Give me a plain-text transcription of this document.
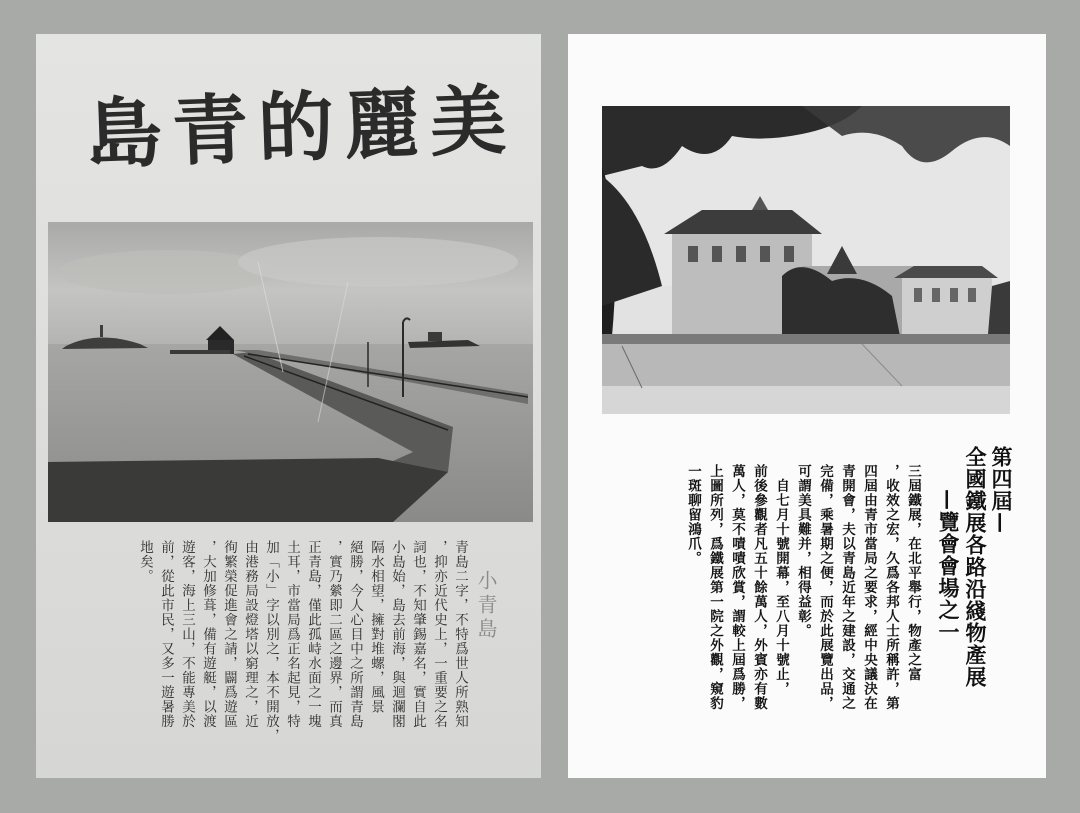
島 青 的 麗 美
小青島
青島二字，不特爲世人所熟知
，抑亦近代史上，一重要之名
詞也，不知肇錫嘉名，實自此
小島始，島去前海，與迴瀾閣
隔水相望，擁對堆螺，風景
絕勝，今人心目中之所謂青島
，實乃縈即二區之邊界，而真
正青島，僅此孤峙水面之一塊
土耳，市當局爲正名起見，特
加「小」字以別之，本不開放，
由港務局設燈塔以窮理之，近
徇繁榮促進會之請，闢爲遊區
，大加修葺，備有遊艇，以渡
遊客，海上三山，不能專美於
前，從此市民，又多一遊暑勝
地矣。
第四屆—
全國鐵展各路沿綫物產展
—覽會會場之一
三屆鐵展，在北平舉行，物產之富
，收效之宏，久爲各邦人士所稱許，第
四屆由青市當局之要求，經中央議決在
青開會，夫以青島近年之建設，交通之
完備，乘暑期之便，而於此展覽出品，
可謂美具難并，相得益彰。
　自七月十號開幕，至八月十號止，
前後參觀者凡五十餘萬人，外賓亦有數
萬人，莫不嘖嘖欣賞，謂較上屆爲勝，
上圖所列，爲鐵展第一院之外觀，窺豹
一斑聊留鴻爪。
